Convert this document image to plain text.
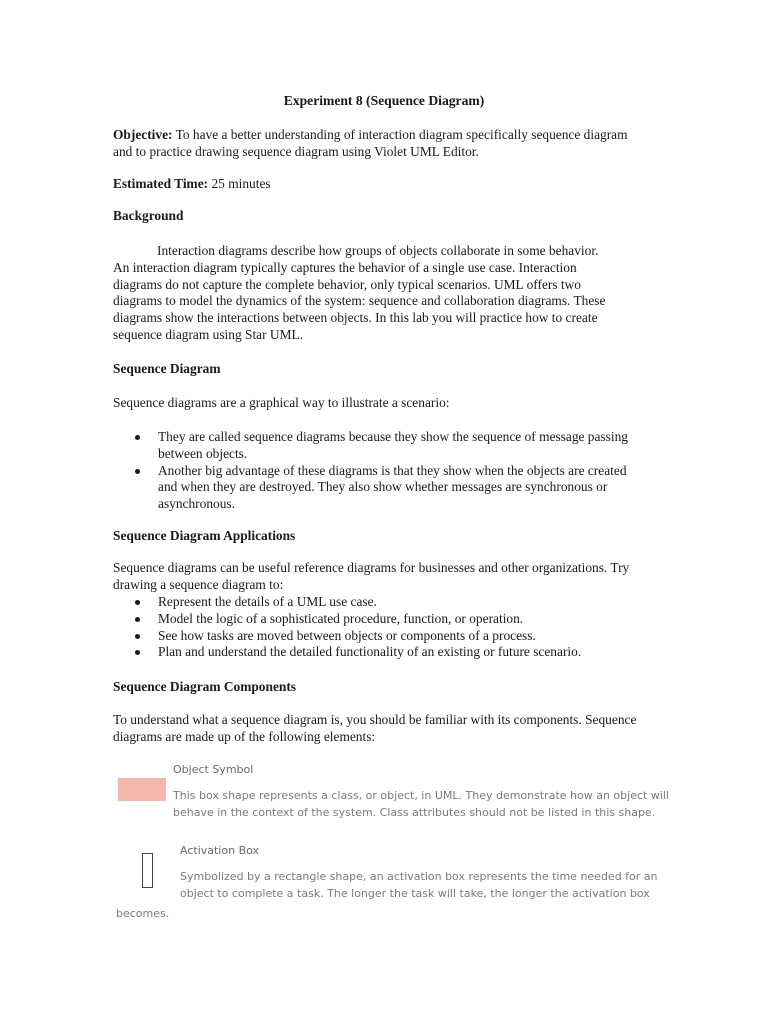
Experiment 8 (Sequence Diagram)
Objective: To have a better understanding of interaction diagram specifically sequence diagram
and to practice drawing sequence diagram using Violet UML Editor.
Estimated Time: 25 minutes
Background
Interaction diagrams describe how groups of objects collaborate in some behavior.
An interaction diagram typically captures the behavior of a single use case. Interaction
diagrams do not capture the complete behavior, only typical scenarios. UML offers two
diagrams to model the dynamics of the system: sequence and collaboration diagrams. These
diagrams show the interactions between objects. In this lab you will practice how to create
sequence diagram using Star UML.
Sequence Diagram
Sequence diagrams are a graphical way to illustrate a scenario:
They are called sequence diagrams because they show the sequence of message passing
between objects.
Another big advantage of these diagrams is that they show when the objects are created
and when they are destroyed. They also show whether messages are synchronous or
asynchronous.
Sequence Diagram Applications
Sequence diagrams can be useful reference diagrams for businesses and other organizations. Try
drawing a sequence diagram to:
Represent the details of a UML use case.
Model the logic of a sophisticated procedure, function, or operation.
See how tasks are moved between objects or components of a process.
Plan and understand the detailed functionality of an existing or future scenario.
Sequence Diagram Components
To understand what a sequence diagram is, you should be familiar with its components. Sequence
diagrams are made up of the following elements:
Object Symbol
This box shape represents a class, or object, in UML. They demonstrate how an object will
behave in the context of the system. Class attributes should not be listed in this shape.
Activation Box
Symbolized by a rectangle shape, an activation box represents the time needed for an
object to complete a task. The longer the task will take, the longer the activation box
becomes.
